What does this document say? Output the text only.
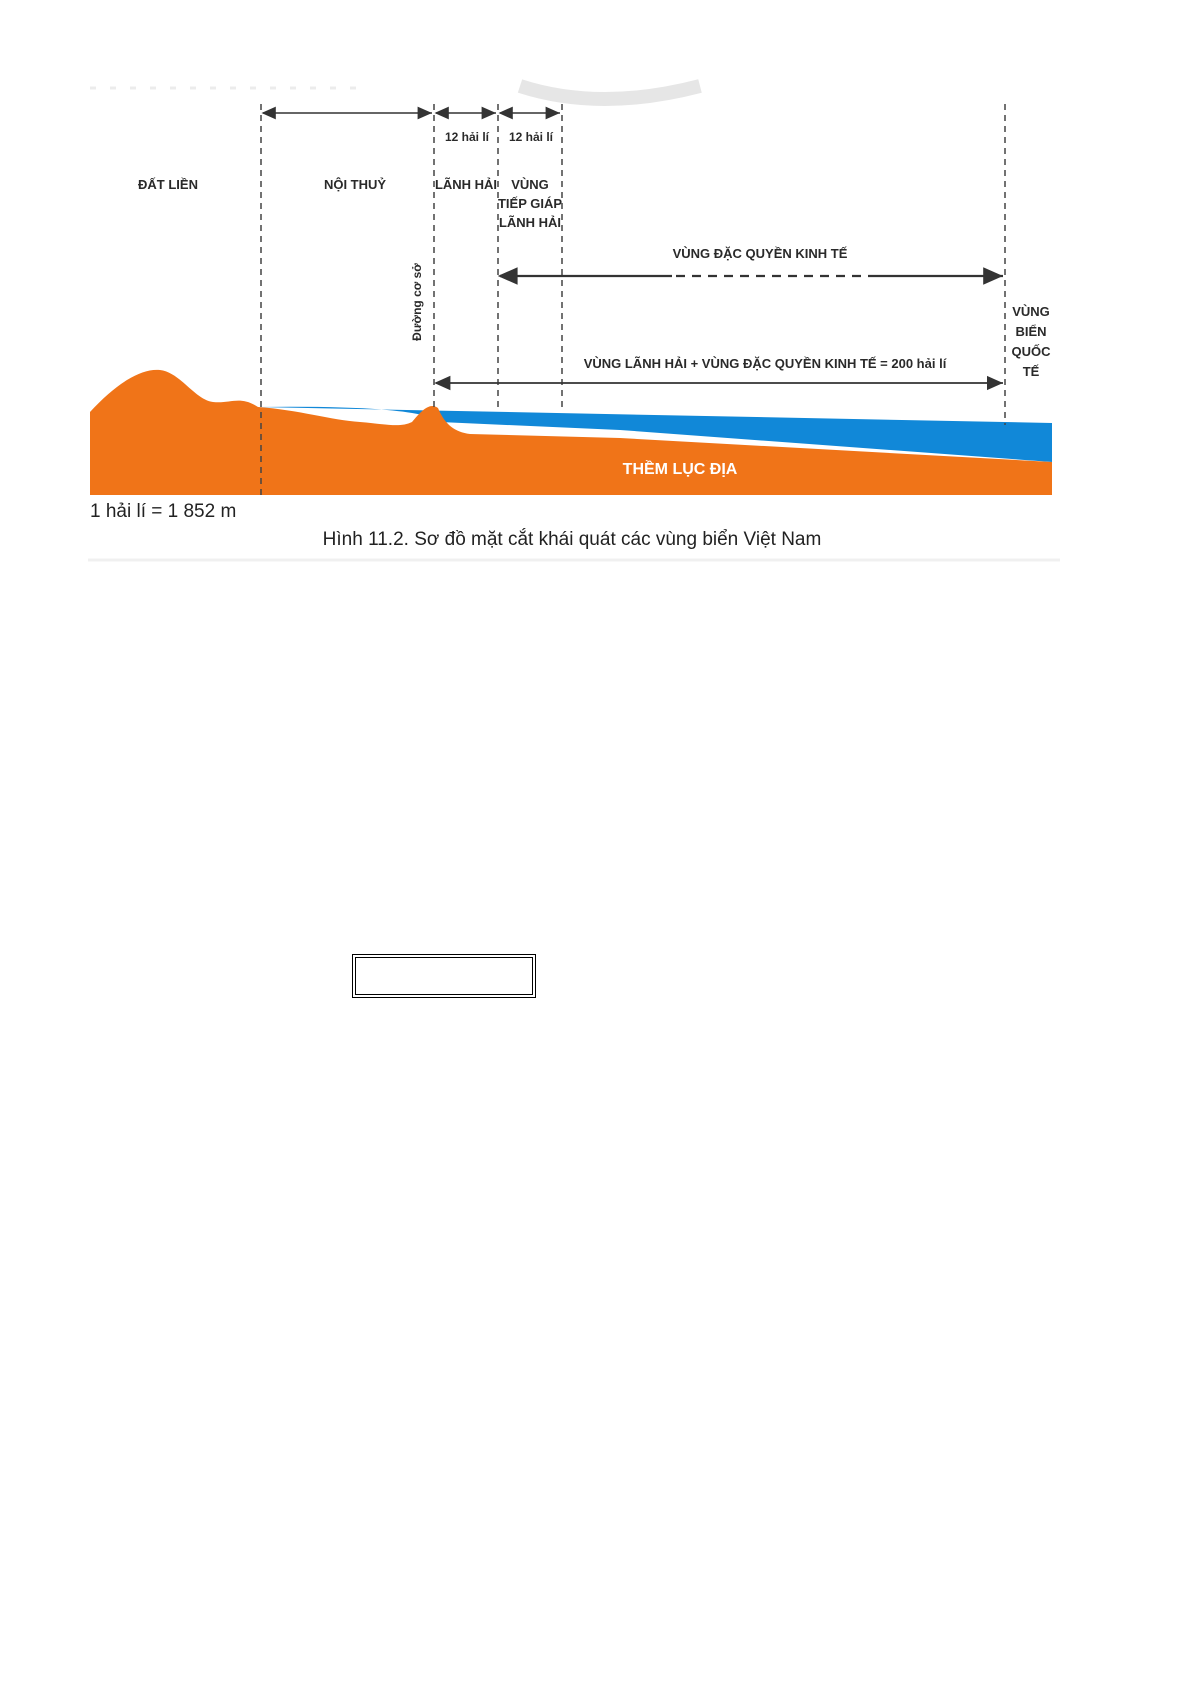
12 hải lí 12 hải lí
ĐẤT LIỀN	NỘI THUỶ	LÃNH HẢI VÙNG
TIẾP GIÁP
LÃNH HẢI
Đường cơ sở
VÙNG ĐẶC QUYỀN KINH TẾ
VÙNG LÃNH HẢI + VÙNG ĐẶC QUYỀN KINH TẾ = 200 hải lí
VÙNG
BIỂN
QUỐC
TẾ
THỀM LỤC ĐỊA
1 hải lí = 1 852 m
Hình 11.2. Sơ đồ mặt cắt khái quát các vùng biển Việt Nam
